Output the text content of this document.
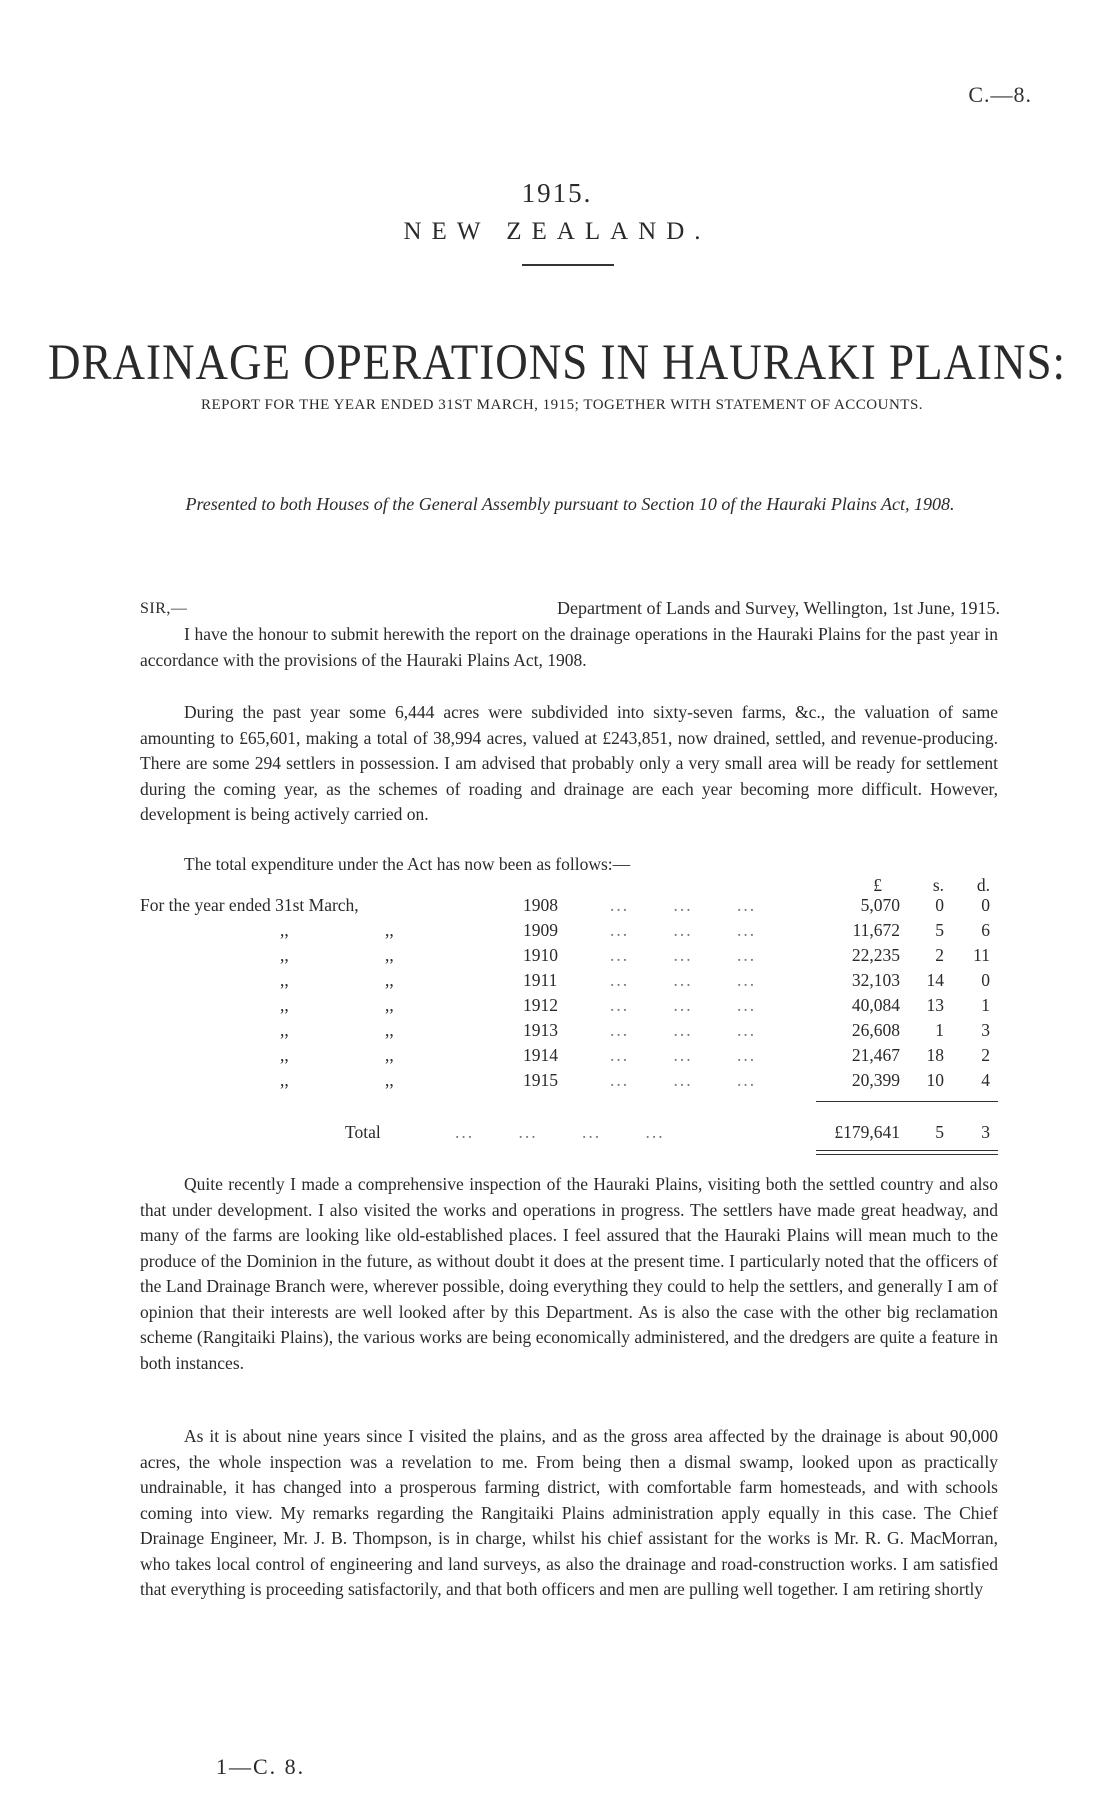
C.—8.
1915.
NEW ZEALAND.
DRAINAGE OPERATIONS IN HAURAKI PLAINS:
REPORT FOR THE YEAR ENDED 31ST MARCH, 1915; TOGETHER WITH STATEMENT OF ACCOUNTS.
Presented to both Houses of the General Assembly pursuant to Section 10 of the Hauraki Plains Act, 1908.
SIR,—	Department of Lands and Survey, Wellington, 1st June, 1915.

I have the honour to submit herewith the report on the drainage operations in the Hauraki Plains for the past year in accordance with the provisions of the Hauraki Plains Act, 1908.

During the past year some 6,444 acres were subdivided into sixty-seven farms, &c., the valuation of same amounting to £65,601, making a total of 38,994 acres, valued at £243,851, now drained, settled, and revenue-producing. There are some 294 settlers in possession. I am advised that probably only a very small area will be ready for settlement during the coming year, as the schemes of roading and drainage are each year becoming more difficult. However, development is being actively carried on.

The total expenditure under the Act has now been as follows:—

£	s. d.
For the year ended 31st March,	1908	... ... ...	5,070 0 0
,,	,,	1909	... ... ...	11,672 5 6
,,	,,	1910	... ... ...	22,235 2 11
,,	,,	1911	... ... ...	32,103 14 0
,,	,,	1912	... ... ...	40,084 13 1
,,	,,	1913	... ... ...	26,608 1 3
,,	,,	1914	... ... ...	21,467 18 2
,,	,,	1915	... ... ...	20,399 10 4
Total	... ... ... ...	£179,641 5 3

Quite recently I made a comprehensive inspection of the Hauraki Plains, visiting both the settled country and also that under development. I also visited the works and operations in progress. The settlers have made great headway, and many of the farms are looking like old-established places. I feel assured that the Hauraki Plains will mean much to the produce of the Dominion in the future, as without doubt it does at the present time. I particularly noted that the officers of the Land Drainage Branch were, wherever possible, doing everything they could to help the settlers, and generally I am of opinion that their interests are well looked after by this Department. As is also the case with the other big reclamation scheme (Rangitaiki Plains), the various works are being economically administered, and the dredgers are quite a feature in both instances.

As it is about nine years since I visited the plains, and as the gross area affected by the drainage is about 90,000 acres, the whole inspection was a revelation to me. From being then a dismal swamp, looked upon as practically undrainable, it has changed into a prosperous farming district, with comfortable farm homesteads, and with schools coming into view. My remarks regarding the Rangitaiki Plains administration apply equally in this case. The Chief Drainage Engineer, Mr. J. B. Thompson, is in charge, whilst his chief assistant for the works is Mr. R. G. MacMorran, who takes local control of engineering and land surveys, as also the drainage and road-construction works. I am satisfied that everything is proceeding satisfactorily, and that both officers and men are pulling well together. I am retiring shortly

1—C. 8.
